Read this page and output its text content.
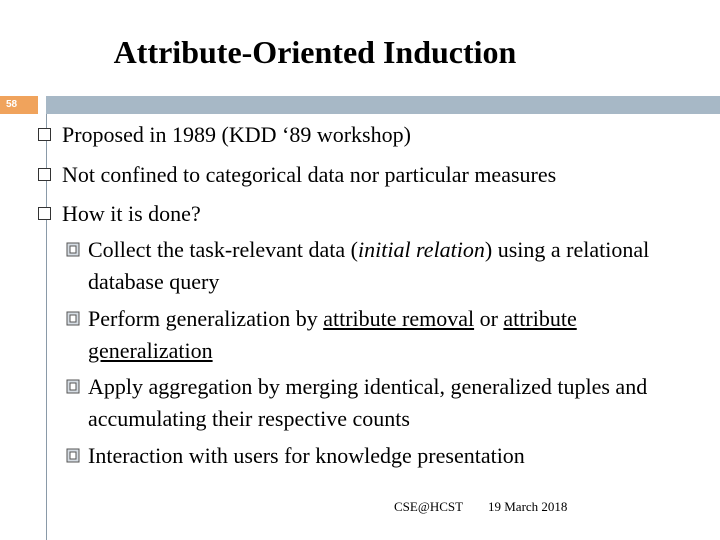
Attribute-Oriented Induction
58
Proposed in 1989 (KDD ‘89 workshop)
Not confined to categorical data nor particular measures
How it is done?
Collect the task-relevant data (initial relation) using a relational database query
Perform generalization by attribute removal or attribute generalization
Apply aggregation by merging identical, generalized tuples and accumulating their respective counts
Interaction with users for knowledge presentation
CSE@HCST 19 March 2018
